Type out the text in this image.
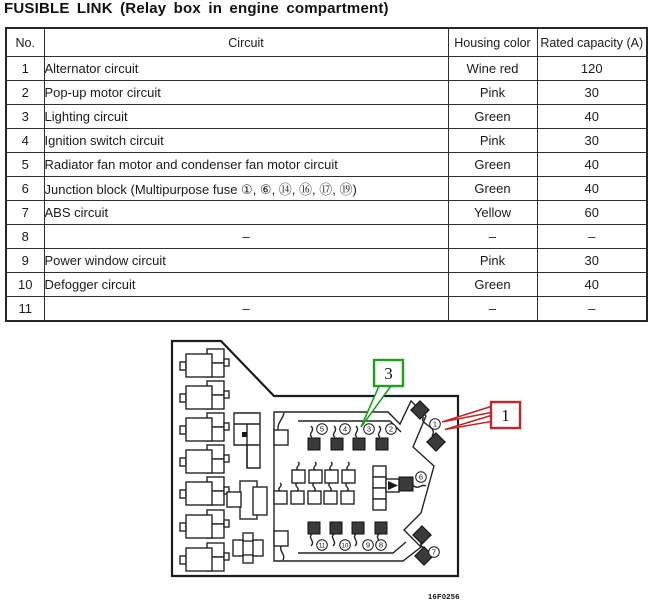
FUSIBLE LINK (Relay box in engine compartment)
No.	Circuit	Housing color	Rated capacity (A)
1	Alternator circuit	Wine red	120
2	Pop-up motor circuit	Pink	30
3	Lighting circuit	Green	40
4	Ignition switch circuit	Pink	30
5	Radiator fan motor and condenser fan motor circuit	Green	40
6	Junction block (Multipurpose fuse ①, ⑥, ⑭, ⑯, ⑰, ⑲)	Green	40
7	ABS circuit	Yellow	60
8	–	–	–
9	Power window circuit	Pink	30
10	Defogger circuit	Green	40
11	–	–	–
3
1
5	4	3 2
1
6
11	10 9 8
7
16F0256
